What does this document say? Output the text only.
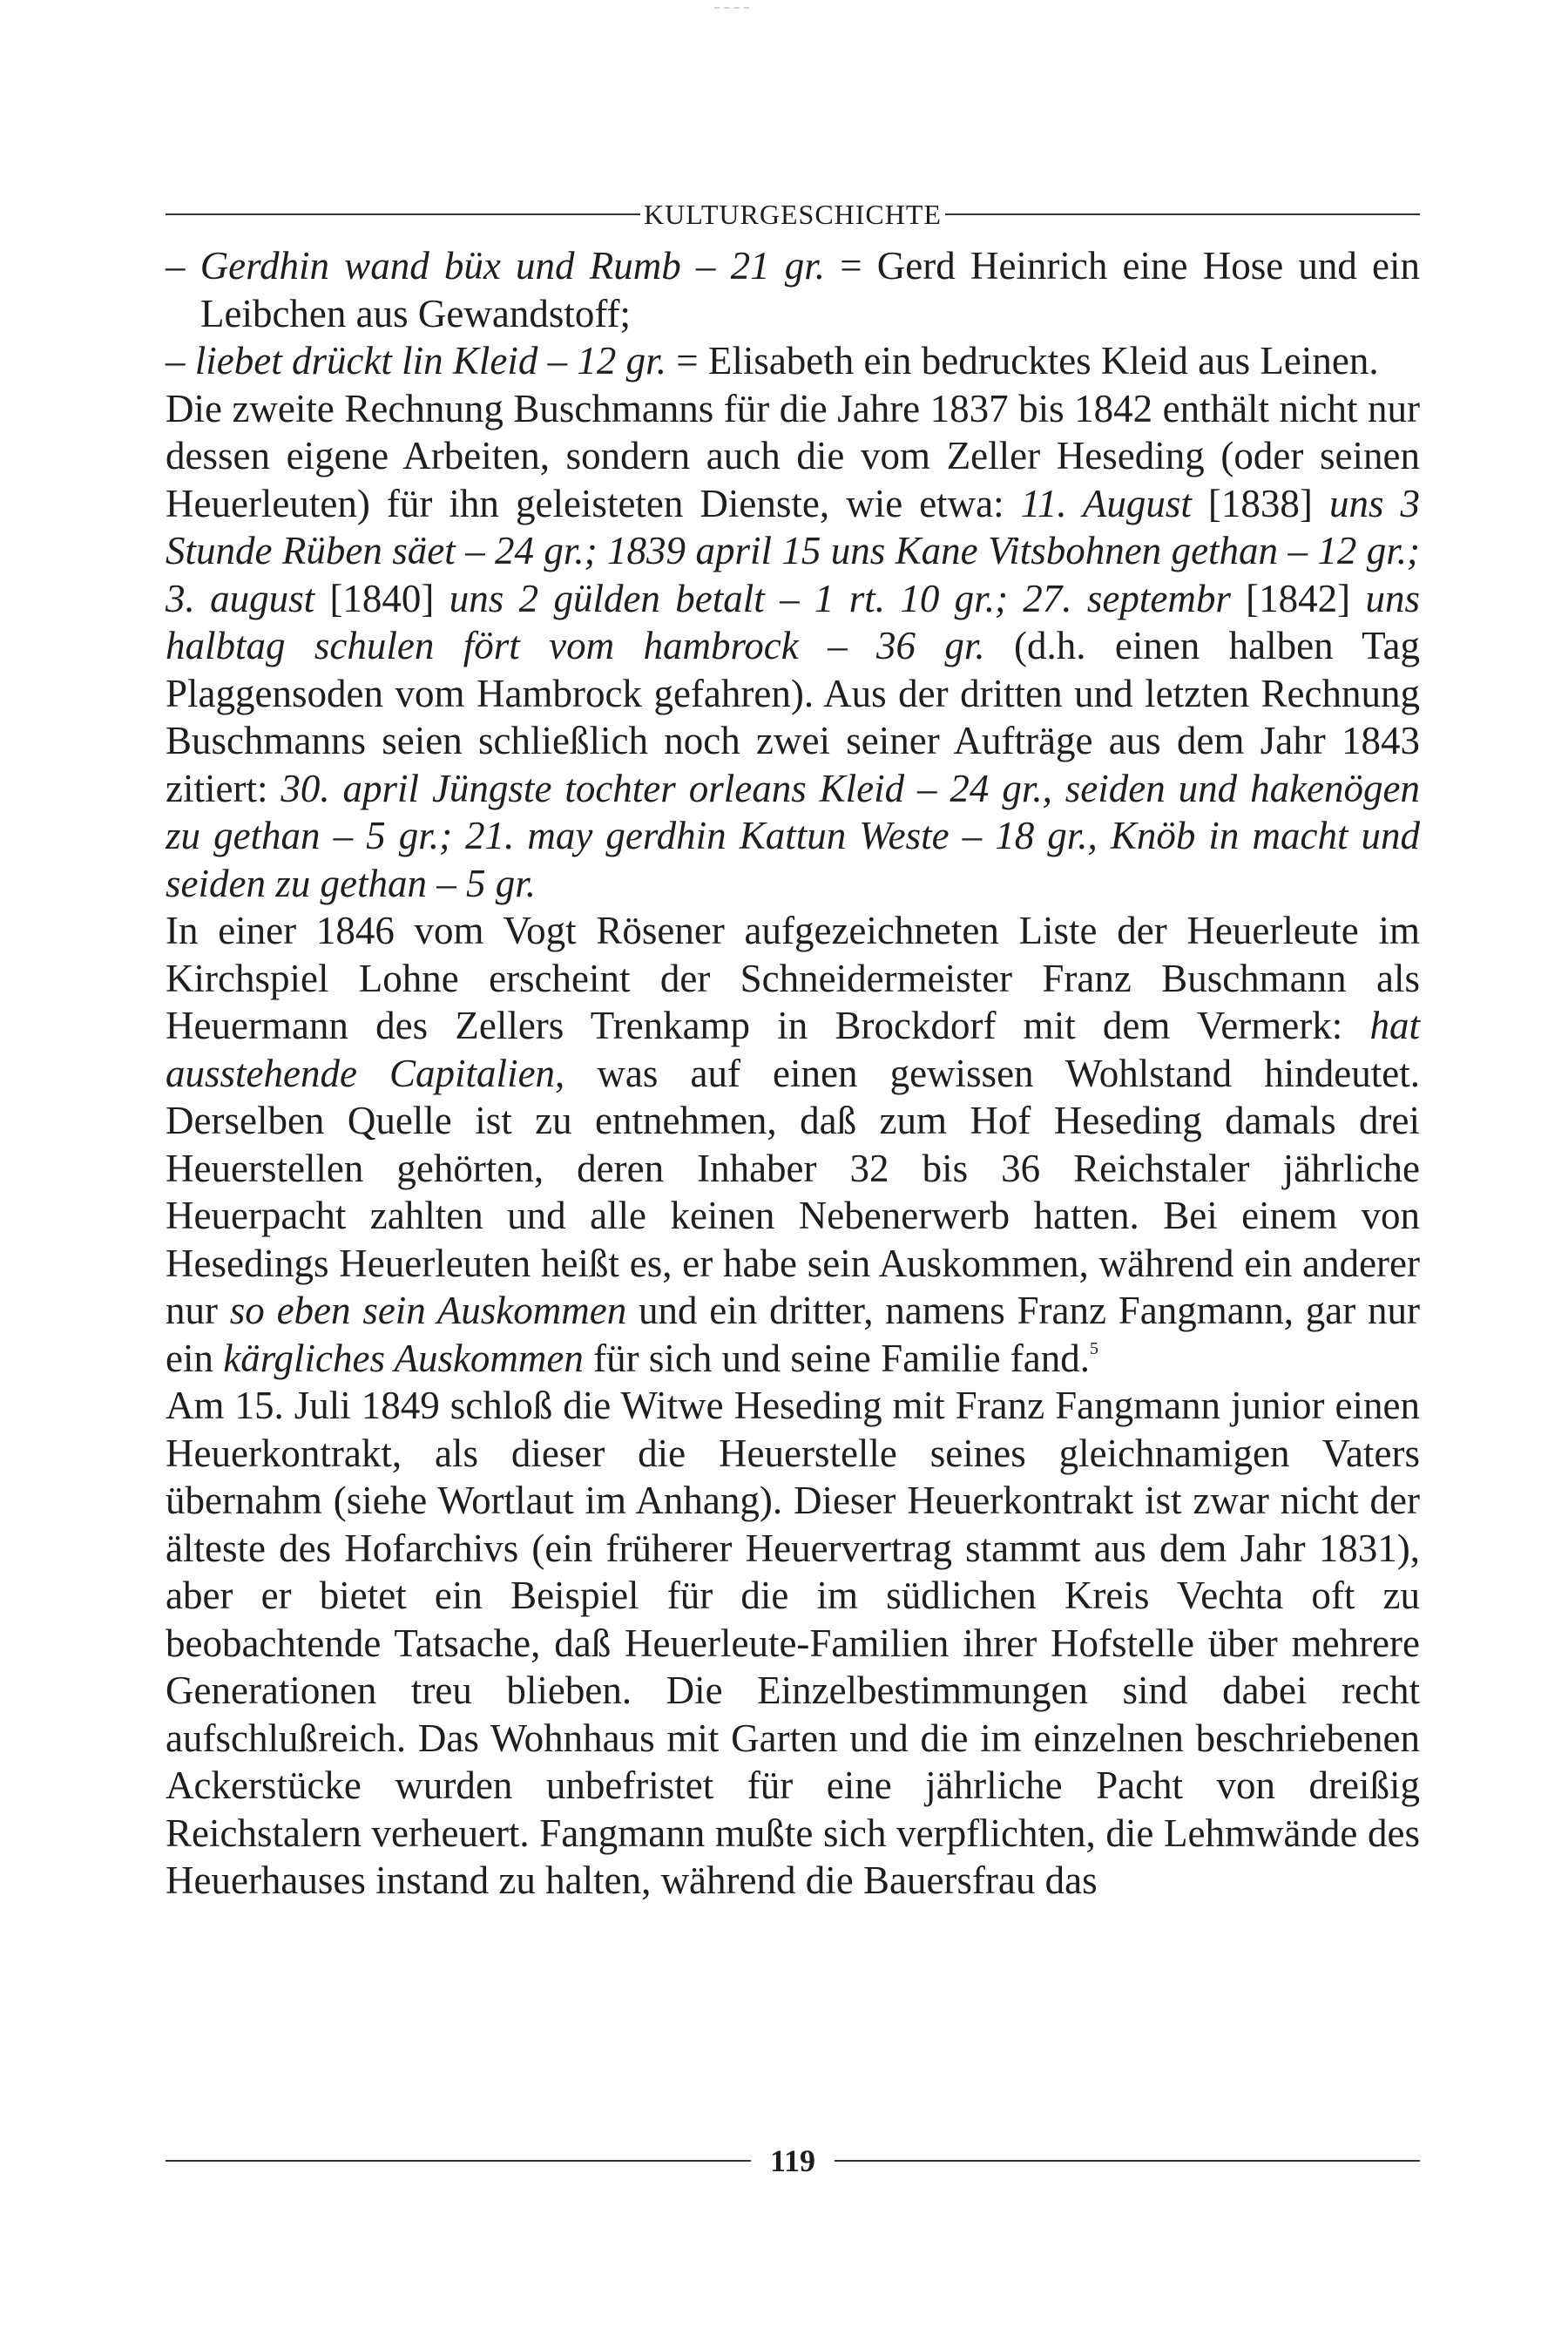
KULTURGESCHICHTE

– Gerdhin wand büx und Rumb – 21 gr. = Gerd Heinrich eine Hose und ein Leibchen aus Gewandstoff;

– liebet drückt lin Kleid – 12 gr. = Elisabeth ein bedrucktes Kleid aus Leinen.

Die zweite Rechnung Buschmanns für die Jahre 1837 bis 1842 enthält nicht nur dessen eigene Arbeiten, sondern auch die vom Zeller Heseding (oder seinen Heuerleuten) für ihn geleisteten Dienste, wie etwa: 11. August [1838] uns 3 Stunde Rüben säet – 24 gr.; 1839 april 15 uns Kane Vitsbohnen gethan – 12 gr.; 3. august [1840] uns 2 gülden betalt – 1 rt. 10 gr.; 27. septembr [1842] uns halbtag schulen fört vom hambrock – 36 gr. (d.h. einen halben Tag Plaggensoden vom Hambrock gefahren). Aus der dritten und letzten Rechnung Buschmanns seien schließlich noch zwei seiner Aufträge aus dem Jahr 1843 zitiert: 30. april Jüngste tochter orleans Kleid – 24 gr., seiden und hakenögen zu gethan – 5 gr.; 21. may gerdhin Kattun Weste – 18 gr., Knöb in macht und seiden zu gethan – 5 gr.

In einer 1846 vom Vogt Rösener aufgezeichneten Liste der Heuerleute im Kirchspiel Lohne erscheint der Schneidermeister Franz Buschmann als Heuermann des Zellers Trenkamp in Brockdorf mit dem Vermerk: hat ausstehende Capitalien, was auf einen gewissen Wohlstand hindeutet. Derselben Quelle ist zu entnehmen, daß zum Hof Heseding damals drei Heuerstellen gehörten, deren Inhaber 32 bis 36 Reichstaler jährliche Heuerpacht zahlten und alle keinen Nebenerwerb hatten. Bei einem von Hesedings Heuerleuten heißt es, er habe sein Auskommen, während ein anderer nur so eben sein Auskommen und ein dritter, namens Franz Fangmann, gar nur ein kärgliches Auskommen für sich und seine Familie fand.$^5$

Am 15. Juli 1849 schloß die Witwe Heseding mit Franz Fangmann junior einen Heuerkontrakt, als dieser die Heuerstelle seines gleichnamigen Vaters übernahm (siehe Wortlaut im Anhang). Dieser Heuerkontrakt ist zwar nicht der älteste des Hofarchivs (ein früherer Heuervertrag stammt aus dem Jahr 1831), aber er bietet ein Beispiel für die im südlichen Kreis Vechta oft zu beobachtende Tatsache, daß Heuerleute-Familien ihrer Hofstelle über mehrere Generationen treu blieben. Die Einzelbestimmungen sind dabei recht aufschlußreich. Das Wohnhaus mit Garten und die im einzelnen beschriebenen Ackerstücke wurden unbefristet für eine jährliche Pacht von dreißig Reichstalern verheuert. Fangmann mußte sich verpflichten, die Lehmwände des Heuerhauses instand zu halten, während die Bauersfrau das

119
